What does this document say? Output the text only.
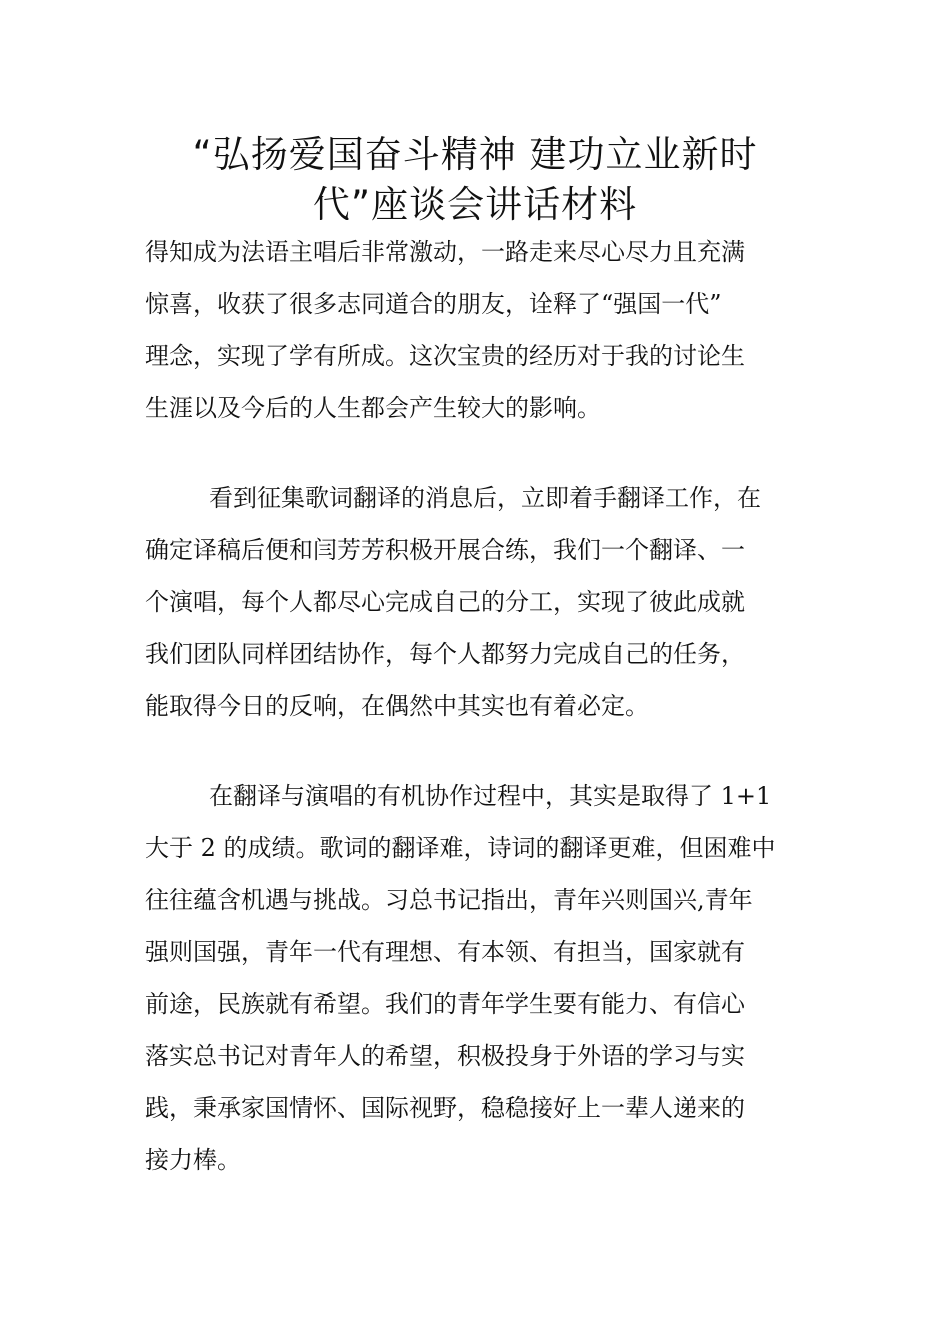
“弘扬爱国奋斗精神 建功立业新时
代”座谈会讲话材料
得知成为法语主唱后非常激动，一路走来尽心尽力且充满
惊喜，收获了很多志同道合的朋友，诠释了“强国一代”
理念，实现了学有所成。这次宝贵的经历对于我的讨论生
生涯以及今后的人生都会产生较大的影响。
看到征集歌词翻译的消息后，立即着手翻译工作，在
确定译稿后便和闫芳芳积极开展合练，我们一个翻译、一
个演唱，每个人都尽心完成自己的分工，实现了彼此成就
我们团队同样团结协作，每个人都努力完成自己的任务，
能取得今日的反响，在偶然中其实也有着必定。
在翻译与演唱的有机协作过程中，其实是取得了 1+1
大于 2 的成绩。歌词的翻译难，诗词的翻译更难，但困难中
往往蕴含机遇与挑战。习总书记指出，青年兴则国兴,青年
强则国强，青年一代有理想、有本领、有担当，国家就有
前途，民族就有希望。我们的青年学生要有能力、有信心
落实总书记对青年人的希望，积极投身于外语的学习与实
践，秉承家国情怀、国际视野，稳稳接好上一辈人递来的
接力棒。
